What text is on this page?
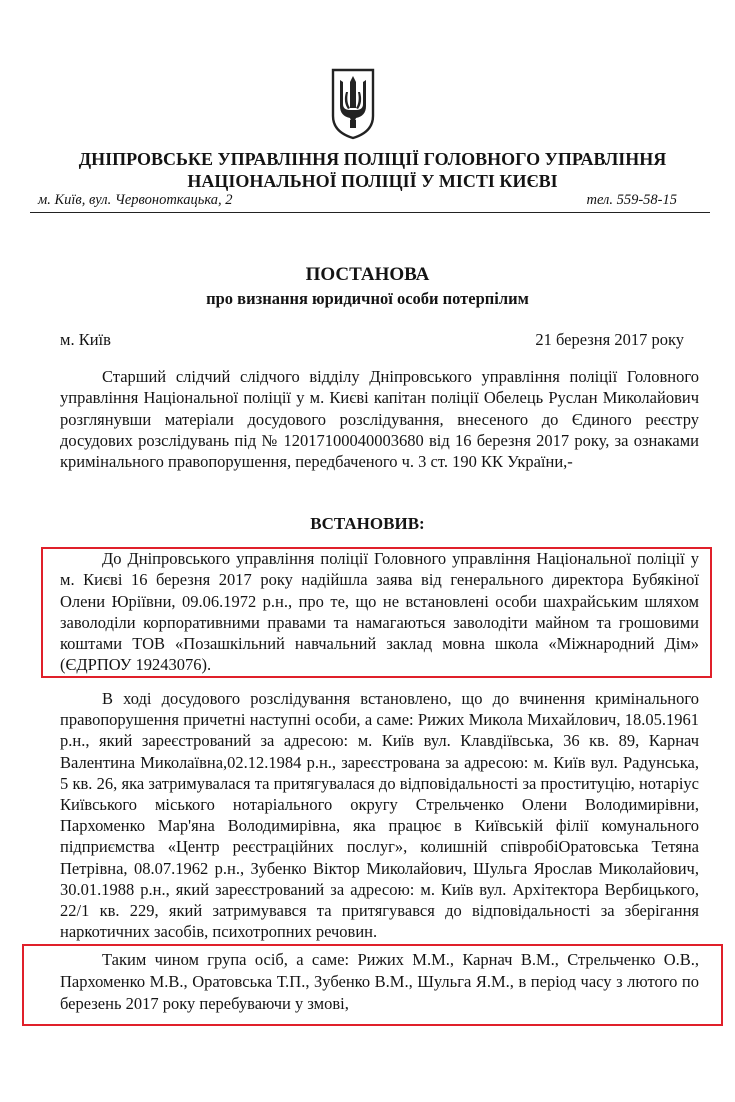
ДНІПРОВСЬКЕ УПРАВЛІННЯ ПОЛІЦІЇ ГОЛОВНОГО УПРАВЛІННЯ
НАЦІОНАЛЬНОЇ ПОЛІЦІЇ У МІСТІ КИЄВІ
м. Київ, вул. Червоноткацька, 2	тел. 559-58-15
ПОСТАНОВА
про визнання юридичної особи потерпілим
м. Київ	21 березня 2017 року

Старший слідчий слідчого відділу Дніпровського управління поліції Головного управління Національної поліції у м. Києві капітан поліції Обелець Руслан Миколайович розглянувши матеріали досудового розслідування, внесеного до Єдиного реєстру досудових розслідувань під № 12017100040003680 від 16 березня 2017 року, за ознаками кримінального правопорушення, передбаченого ч. 3 ст. 190 КК України,-

ВСТАНОВИВ:

До Дніпровського управління поліції Головного управління Національної поліції у м. Києві 16 березня 2017 року надійшла заява від генерального директора Бубякіної Олени Юріївни, 09.06.1972 р.н., про те, що не встановлені особи шахрайським шляхом заволоділи корпоративними правами та намагаються заволодіти майном та грошовими коштами ТОВ «Позашкільний навчальний заклад мовна школа «Міжнародний Дім» (ЄДРПОУ 19243076).

В ході досудового розслідування встановлено, що до вчинення кримінального правопорушення причетні наступні особи, а саме: Рижих Микола Михайлович, 18.05.1961 р.н., який зареєстрований за адресою: м. Київ вул. Клавдіївська, 36 кв. 89, Карнач Валентина Миколаївна,02.12.1984 р.н., зареєстрована за адресою: м. Київ вул. Радунська, 5 кв. 26, яка затримувалася та притягувалася до відповідальності за проституцію, нотаріус Київського міського нотаріального округу Стрельченко Олени Володимирівни, Пархоменко Мар'яна Володимирівна, яка працює в Київській філії комунального підприємства «Центр реєстраційних послуг», колишній співробіОратовська Тетяна Петрівна, 08.07.1962 р.н., Зубенко Віктор Миколайович, Шульга Ярослав Миколайович, 30.01.1988 р.н., який зареєстрований за адресою: м. Київ вул. Архітектора Вербицького, 22/1 кв. 229, який затримувався та притягувався до відповідальності за зберігання наркотичних засобів, психотропних речовин.

Таким чином група осіб, а саме: Рижих М.М., Карнач В.М., Стрельченко О.В., Пархоменко М.В., Оратовська Т.П., Зубенко В.М., Шульга Я.М., в період часу з лютого по березень 2017 року перебуваючи у змові,
